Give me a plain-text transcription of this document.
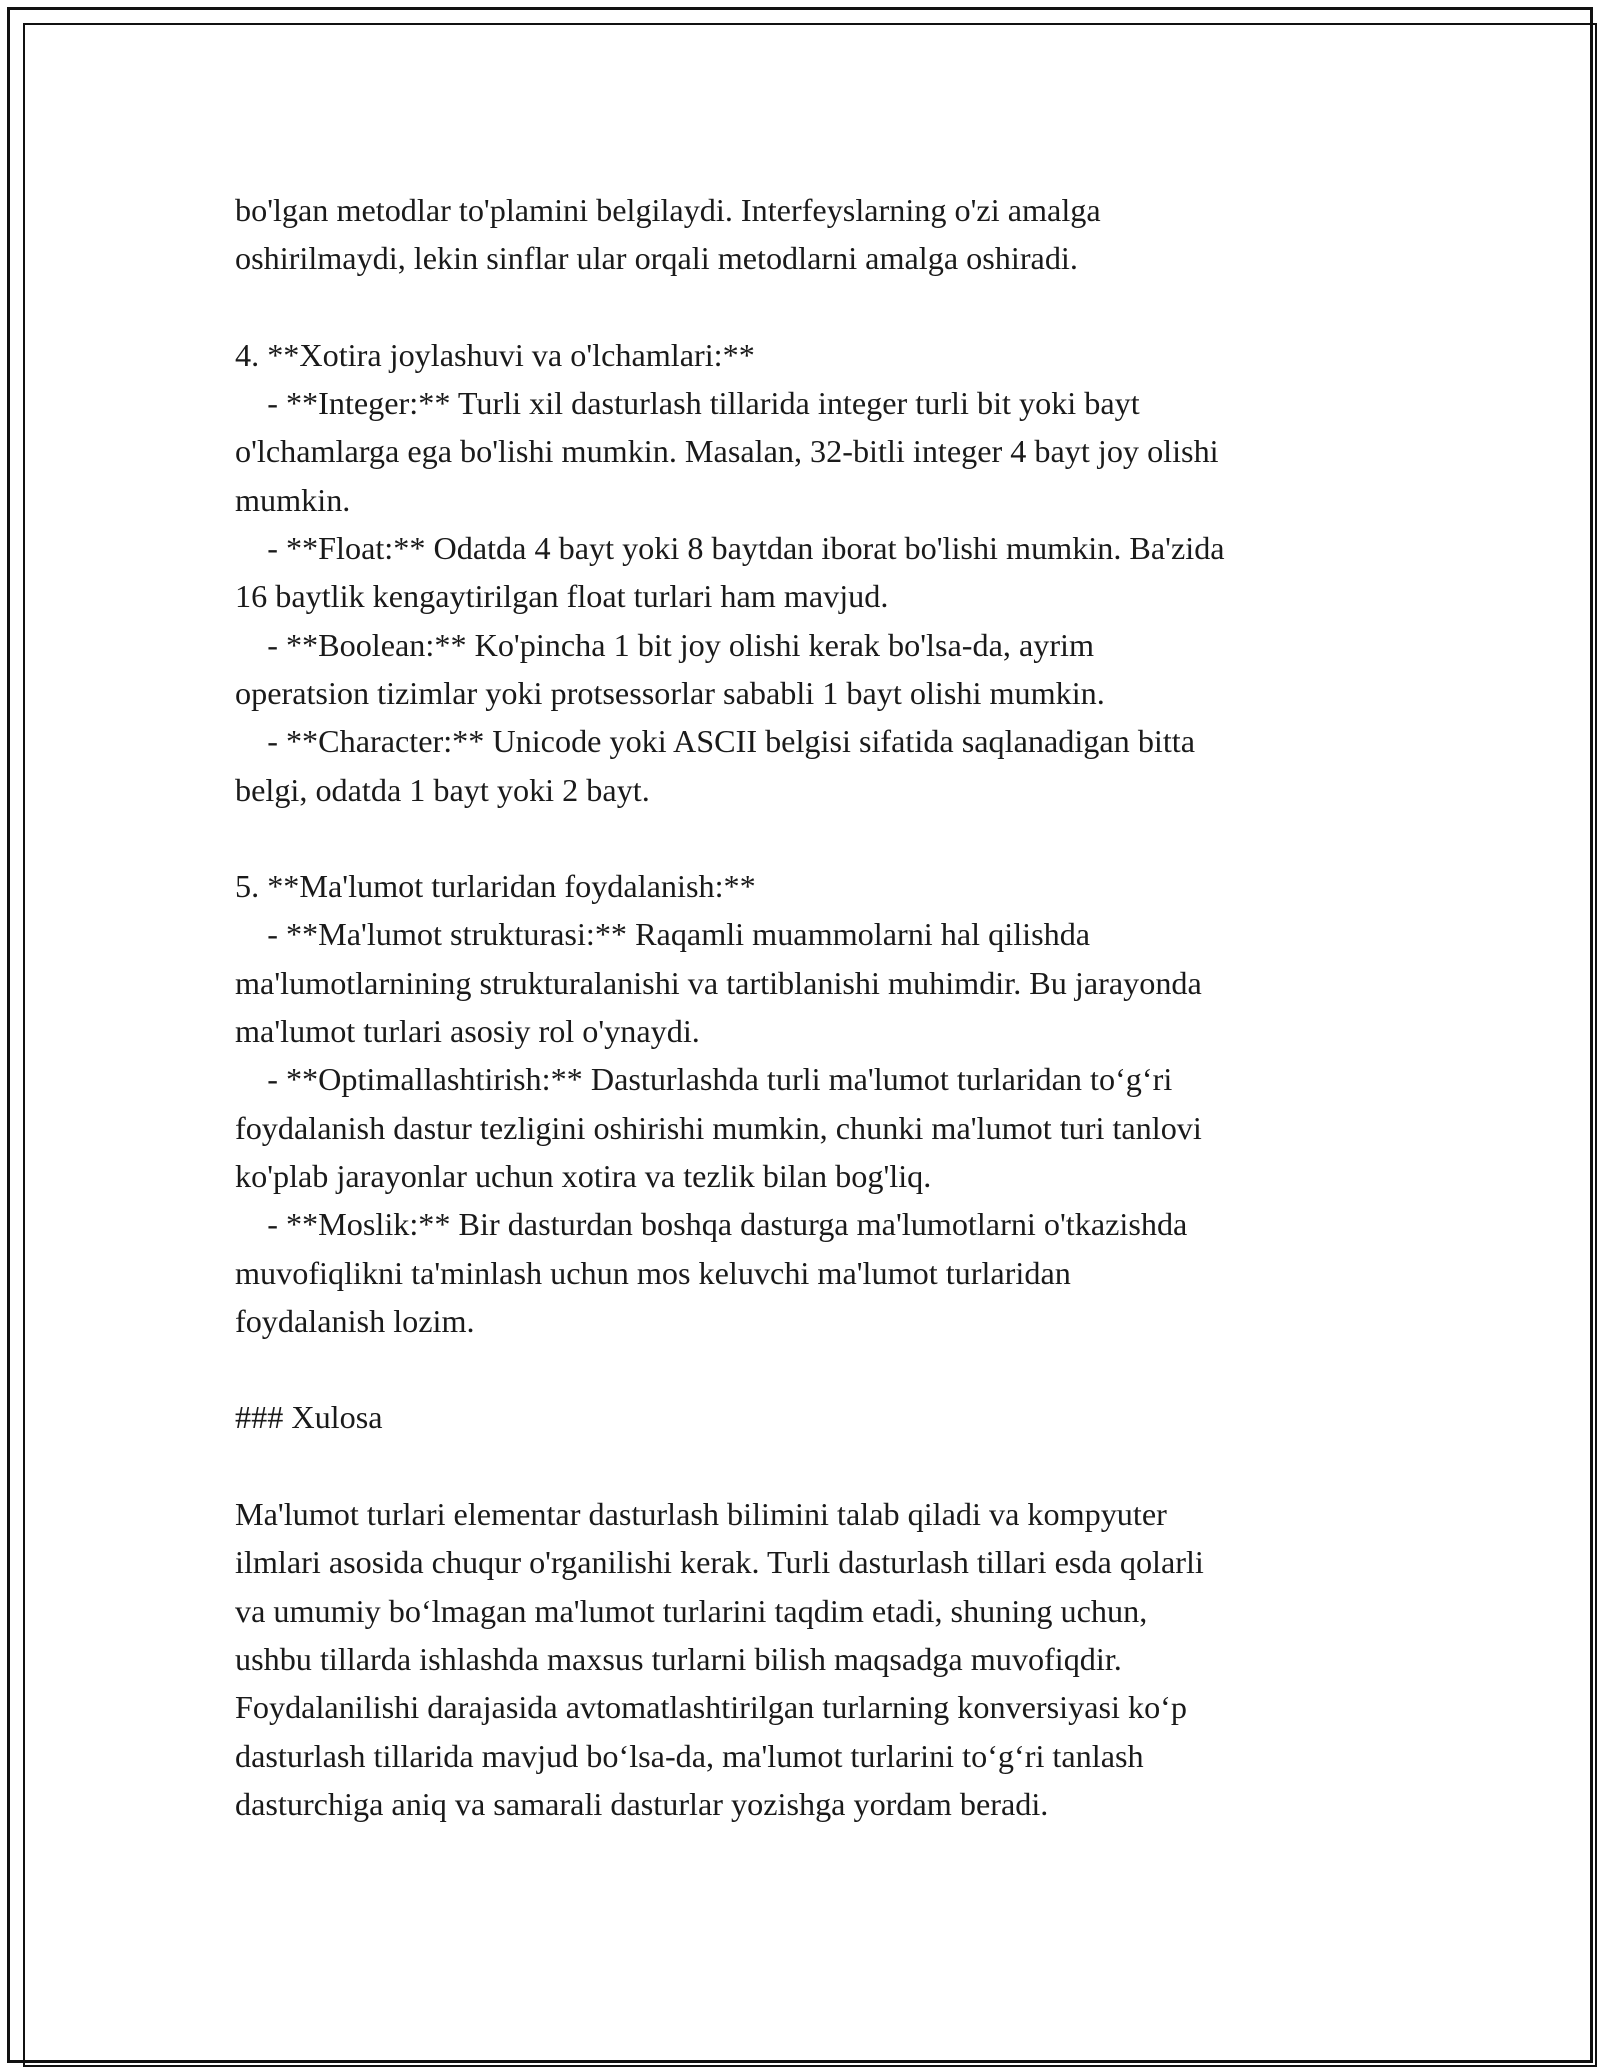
bo'lgan metodlar to'plamini belgilaydi. Interfeyslarning o'zi amalga
oshirilmaydi, lekin sinflar ular orqali metodlarni amalga oshiradi.
4. **Xotira joylashuvi va o'lchamlari:**
- **Integer:** Turli xil dasturlash tillarida integer turli bit yoki bayt
o'lchamlarga ega bo'lishi mumkin. Masalan, 32-bitli integer 4 bayt joy olishi
mumkin.
- **Float:** Odatda 4 bayt yoki 8 baytdan iborat bo'lishi mumkin. Ba'zida
16 baytlik kengaytirilgan float turlari ham mavjud.
- **Boolean:** Ko'pincha 1 bit joy olishi kerak bo'lsa-da, ayrim
operatsion tizimlar yoki protsessorlar sababli 1 bayt olishi mumkin.
- **Character:** Unicode yoki ASCII belgisi sifatida saqlanadigan bitta
belgi, odatda 1 bayt yoki 2 bayt.
5. **Ma'lumot turlaridan foydalanish:**
- **Ma'lumot strukturasi:** Raqamli muammolarni hal qilishda
ma'lumotlarnining strukturalanishi va tartiblanishi muhimdir. Bu jarayonda
ma'lumot turlari asosiy rol o'ynaydi.
- **Optimallashtirish:** Dasturlashda turli ma'lumot turlaridan to‘g‘ri
foydalanish dastur tezligini oshirishi mumkin, chunki ma'lumot turi tanlovi
ko'plab jarayonlar uchun xotira va tezlik bilan bog'liq.
- **Moslik:** Bir dasturdan boshqa dasturga ma'lumotlarni o'tkazishda
muvofiqlikni ta'minlash uchun mos keluvchi ma'lumot turlaridan
foydalanish lozim.
### Xulosa
Ma'lumot turlari elementar dasturlash bilimini talab qiladi va kompyuter
ilmlari asosida chuqur o'rganilishi kerak. Turli dasturlash tillari esda qolarli
va umumiy bo‘lmagan ma'lumot turlarini taqdim etadi, shuning uchun,
ushbu tillarda ishlashda maxsus turlarni bilish maqsadga muvofiqdir.
Foydalanilishi darajasida avtomatlashtirilgan turlarning konversiyasi ko‘p
dasturlash tillarida mavjud bo‘lsa-da, ma'lumot turlarini to‘g‘ri tanlash
dasturchiga aniq va samarali dasturlar yozishga yordam beradi.
